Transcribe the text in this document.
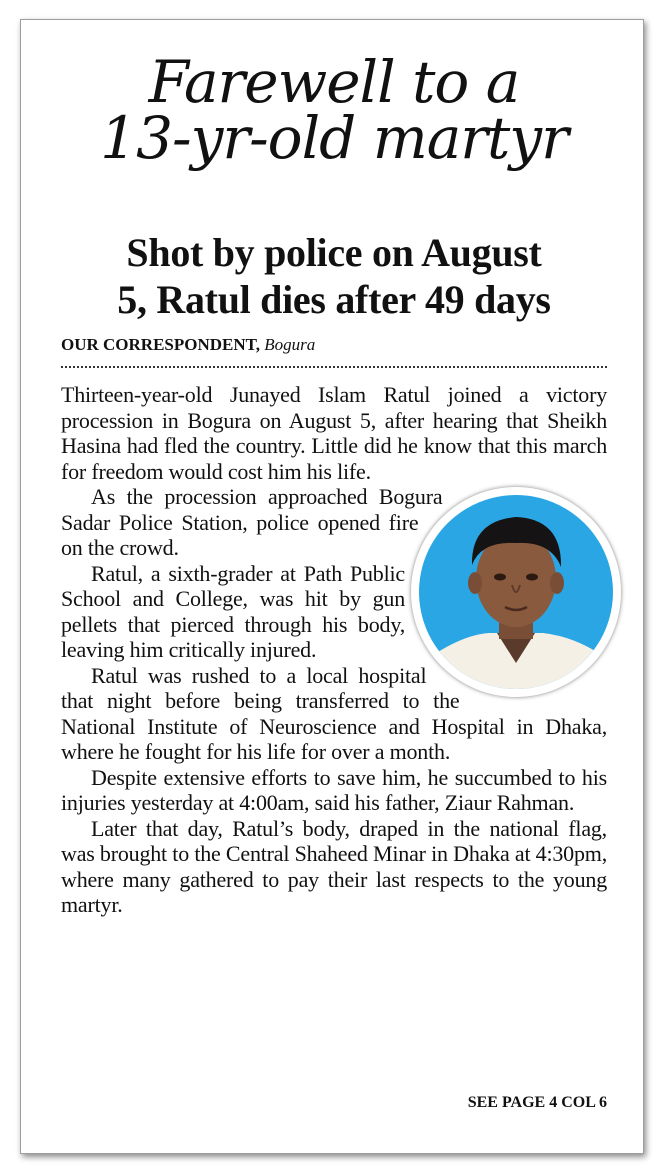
Farewell to a
13-yr-old martyr
Shot by police on August
5, Ratul dies after 49 days
OUR CORRESPONDENT, Bogura

Thirteen-year-old Junayed Islam Ratul joined a victory procession in Bogura on August 5, after hearing that Sheikh Hasina had fled the country. Little did he know that this march for freedom would cost him his life.

As the procession approached Bogura Sadar Police Station, police opened fire on the crowd.

Ratul, a sixth-grader at Path Public School and College, was hit by gun pellets that pierced through his body, leaving him critically injured.

Ratul was rushed to a local hospital that night before being transferred to the National Institute of Neuroscience and Hospital in Dhaka, where he fought for his life for over a month.

Despite extensive efforts to save him, he succumbed to his injuries yesterday at 4:00am, said his father, Ziaur Rahman.

Later that day, Ratul’s body, draped in the national flag, was brought to the Central Shaheed Minar in Dhaka at 4:30pm, where many gathered to pay their last respects to the young martyr.

SEE PAGE 4 COL 6
